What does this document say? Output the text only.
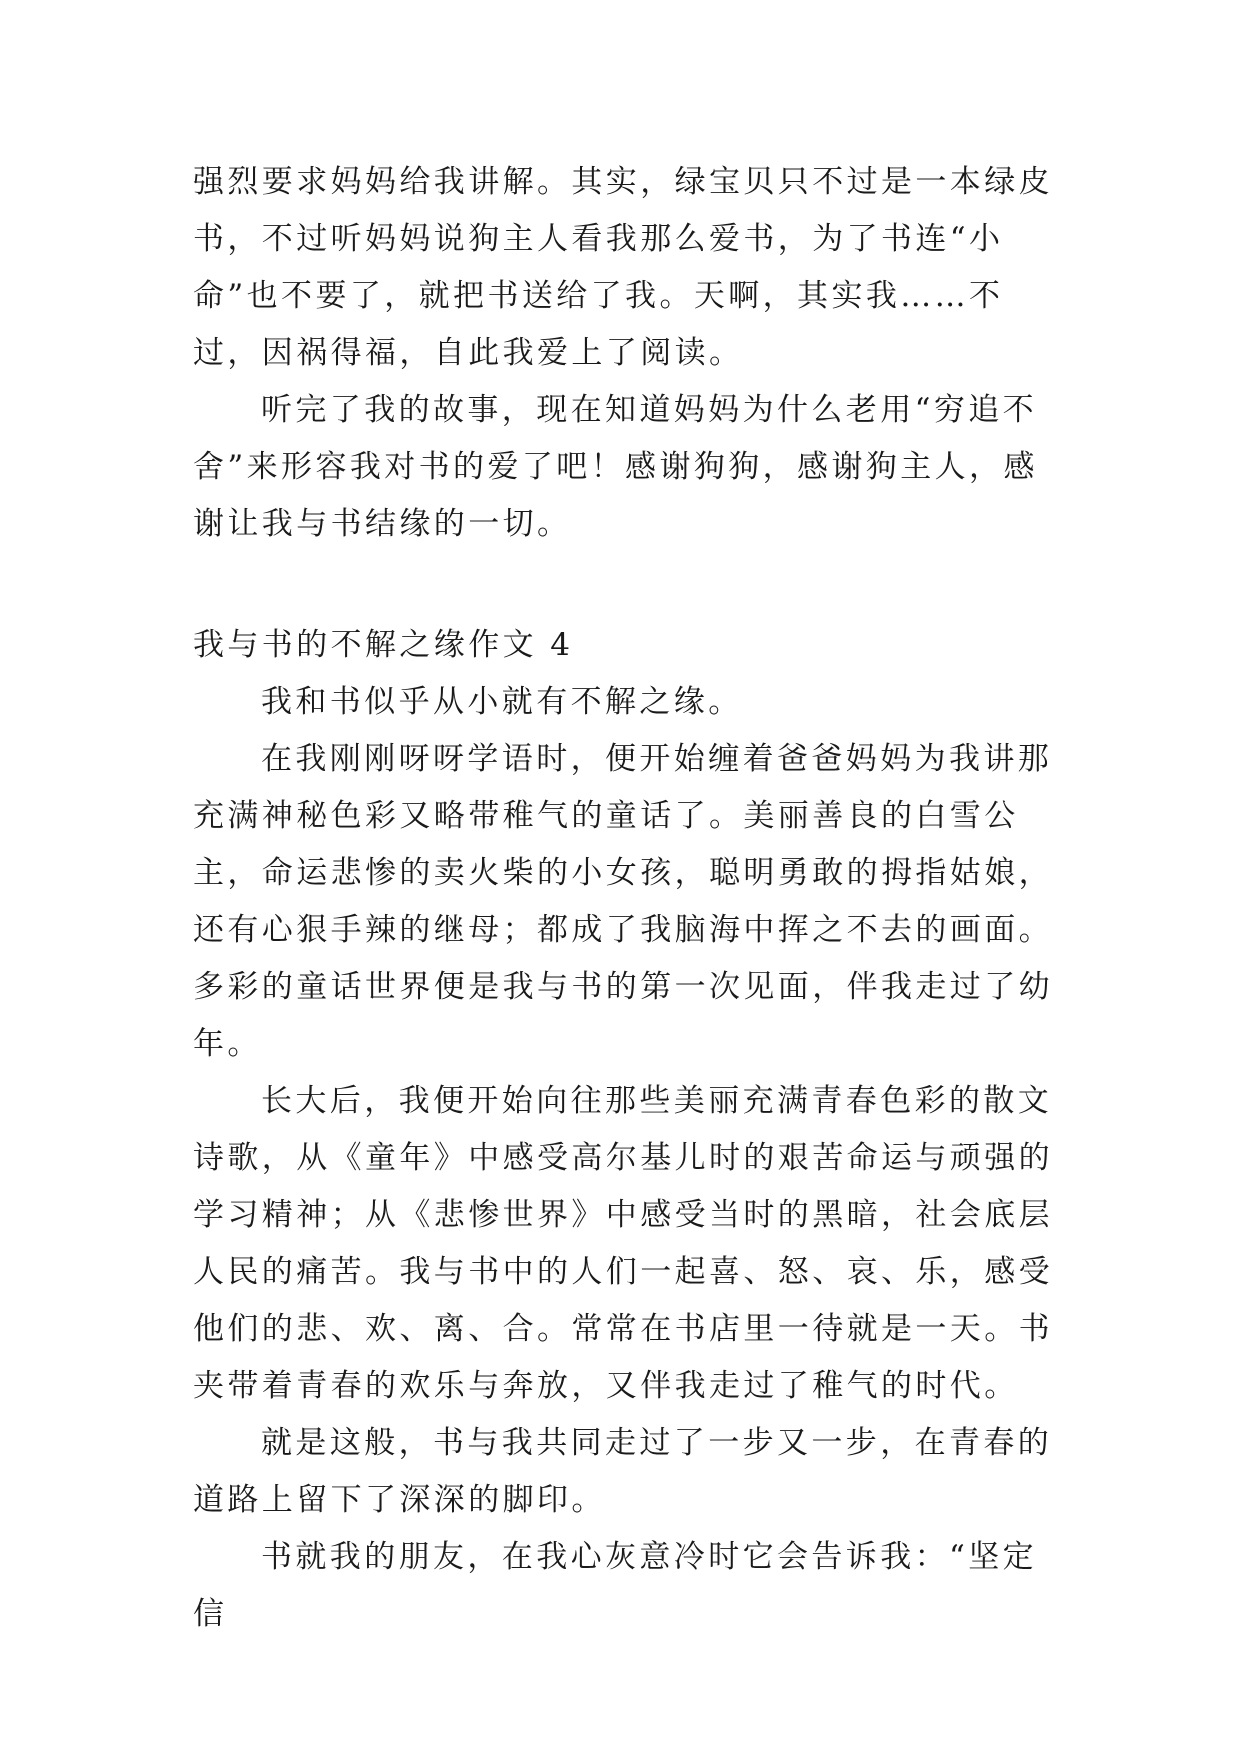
强烈要求妈妈给我讲解。其实，绿宝贝只不过是一本绿皮书，不过听妈妈说狗主人看我那么爱书，为了书连“小命”也不要了，就把书送给了我。天啊，其实我……不过，因祸得福，自此我爱上了阅读。

听完了我的故事，现在知道妈妈为什么老用“穷追不舍”来形容我对书的爱了吧！感谢狗狗，感谢狗主人，感谢让我与书结缘的一切。

我与书的不解之缘作文 4

我和书似乎从小就有不解之缘。

在我刚刚呀呀学语时，便开始缠着爸爸妈妈为我讲那充满神秘色彩又略带稚气的童话了。美丽善良的白雪公主，命运悲惨的卖火柴的小女孩，聪明勇敢的拇指姑娘，还有心狠手辣的继母；都成了我脑海中挥之不去的画面。多彩的童话世界便是我与书的第一次见面，伴我走过了幼年。

长大后，我便开始向往那些美丽充满青春色彩的散文诗歌，从《童年》中感受高尔基儿时的艰苦命运与顽强的学习精神；从《悲惨世界》中感受当时的黑暗，社会底层人民的痛苦。我与书中的人们一起喜、怒、哀、乐，感受他们的悲、欢、离、合。常常在书店里一待就是一天。书夹带着青春的欢乐与奔放，又伴我走过了稚气的时代。

就是这般，书与我共同走过了一步又一步，在青春的道路上留下了深深的脚印。

书就我的朋友，在我心灰意冷时它会告诉我：“坚定信
